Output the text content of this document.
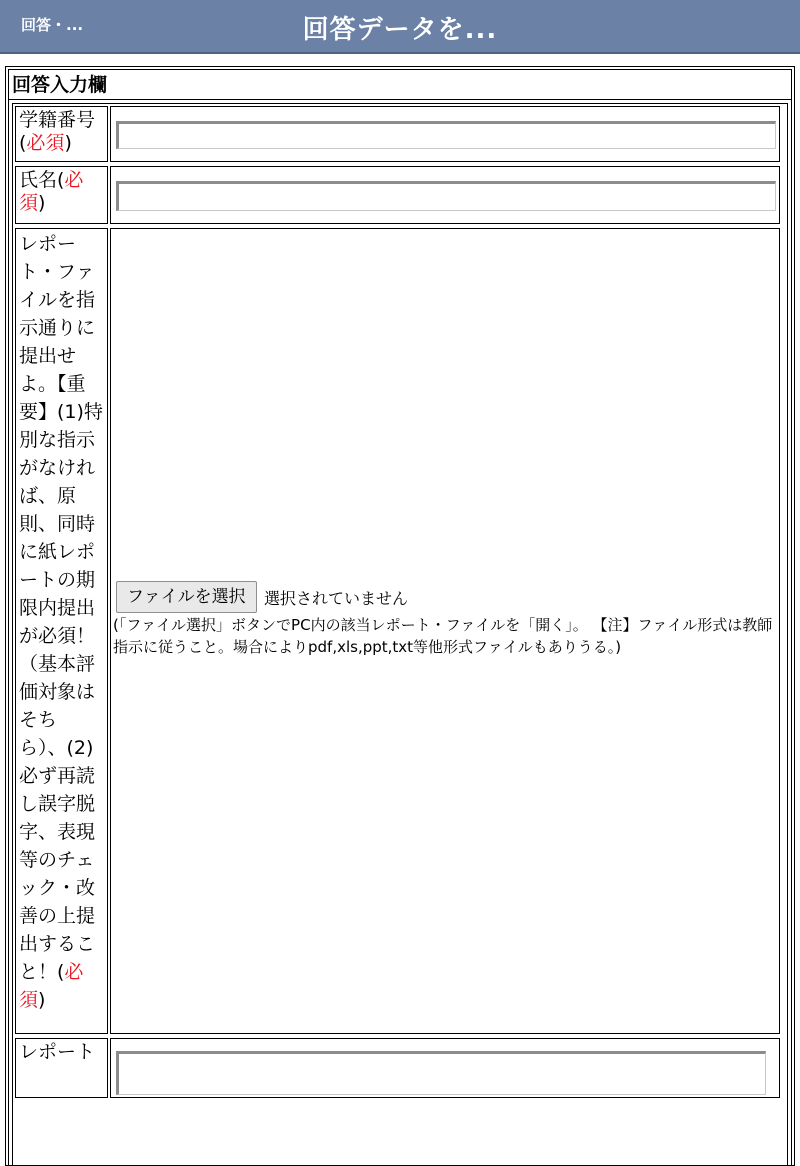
回答・...	回答データを...
回答入力欄
学籍番号
(必須)
氏名(必
須)
レポート・ファイルを指示通りに提出せよ。【重要】(1)特別な指示がなければ、原則、同時に紙レポートの期限内提出が必須！（基本評価対象はそちら）、(2)必ず再読し誤字脱字、表現等のチェック・改善の上提出すること！(必須)
ファイルを選択	選択されていません
(「ファイル選択」ボタンでPC内の該当レポート・ファイルを「開く」。 【注】ファイル形式は教師指示に従うこと。場合によりpdf,xls,ppt,txt等他形式ファイルもありうる。)
レポート
